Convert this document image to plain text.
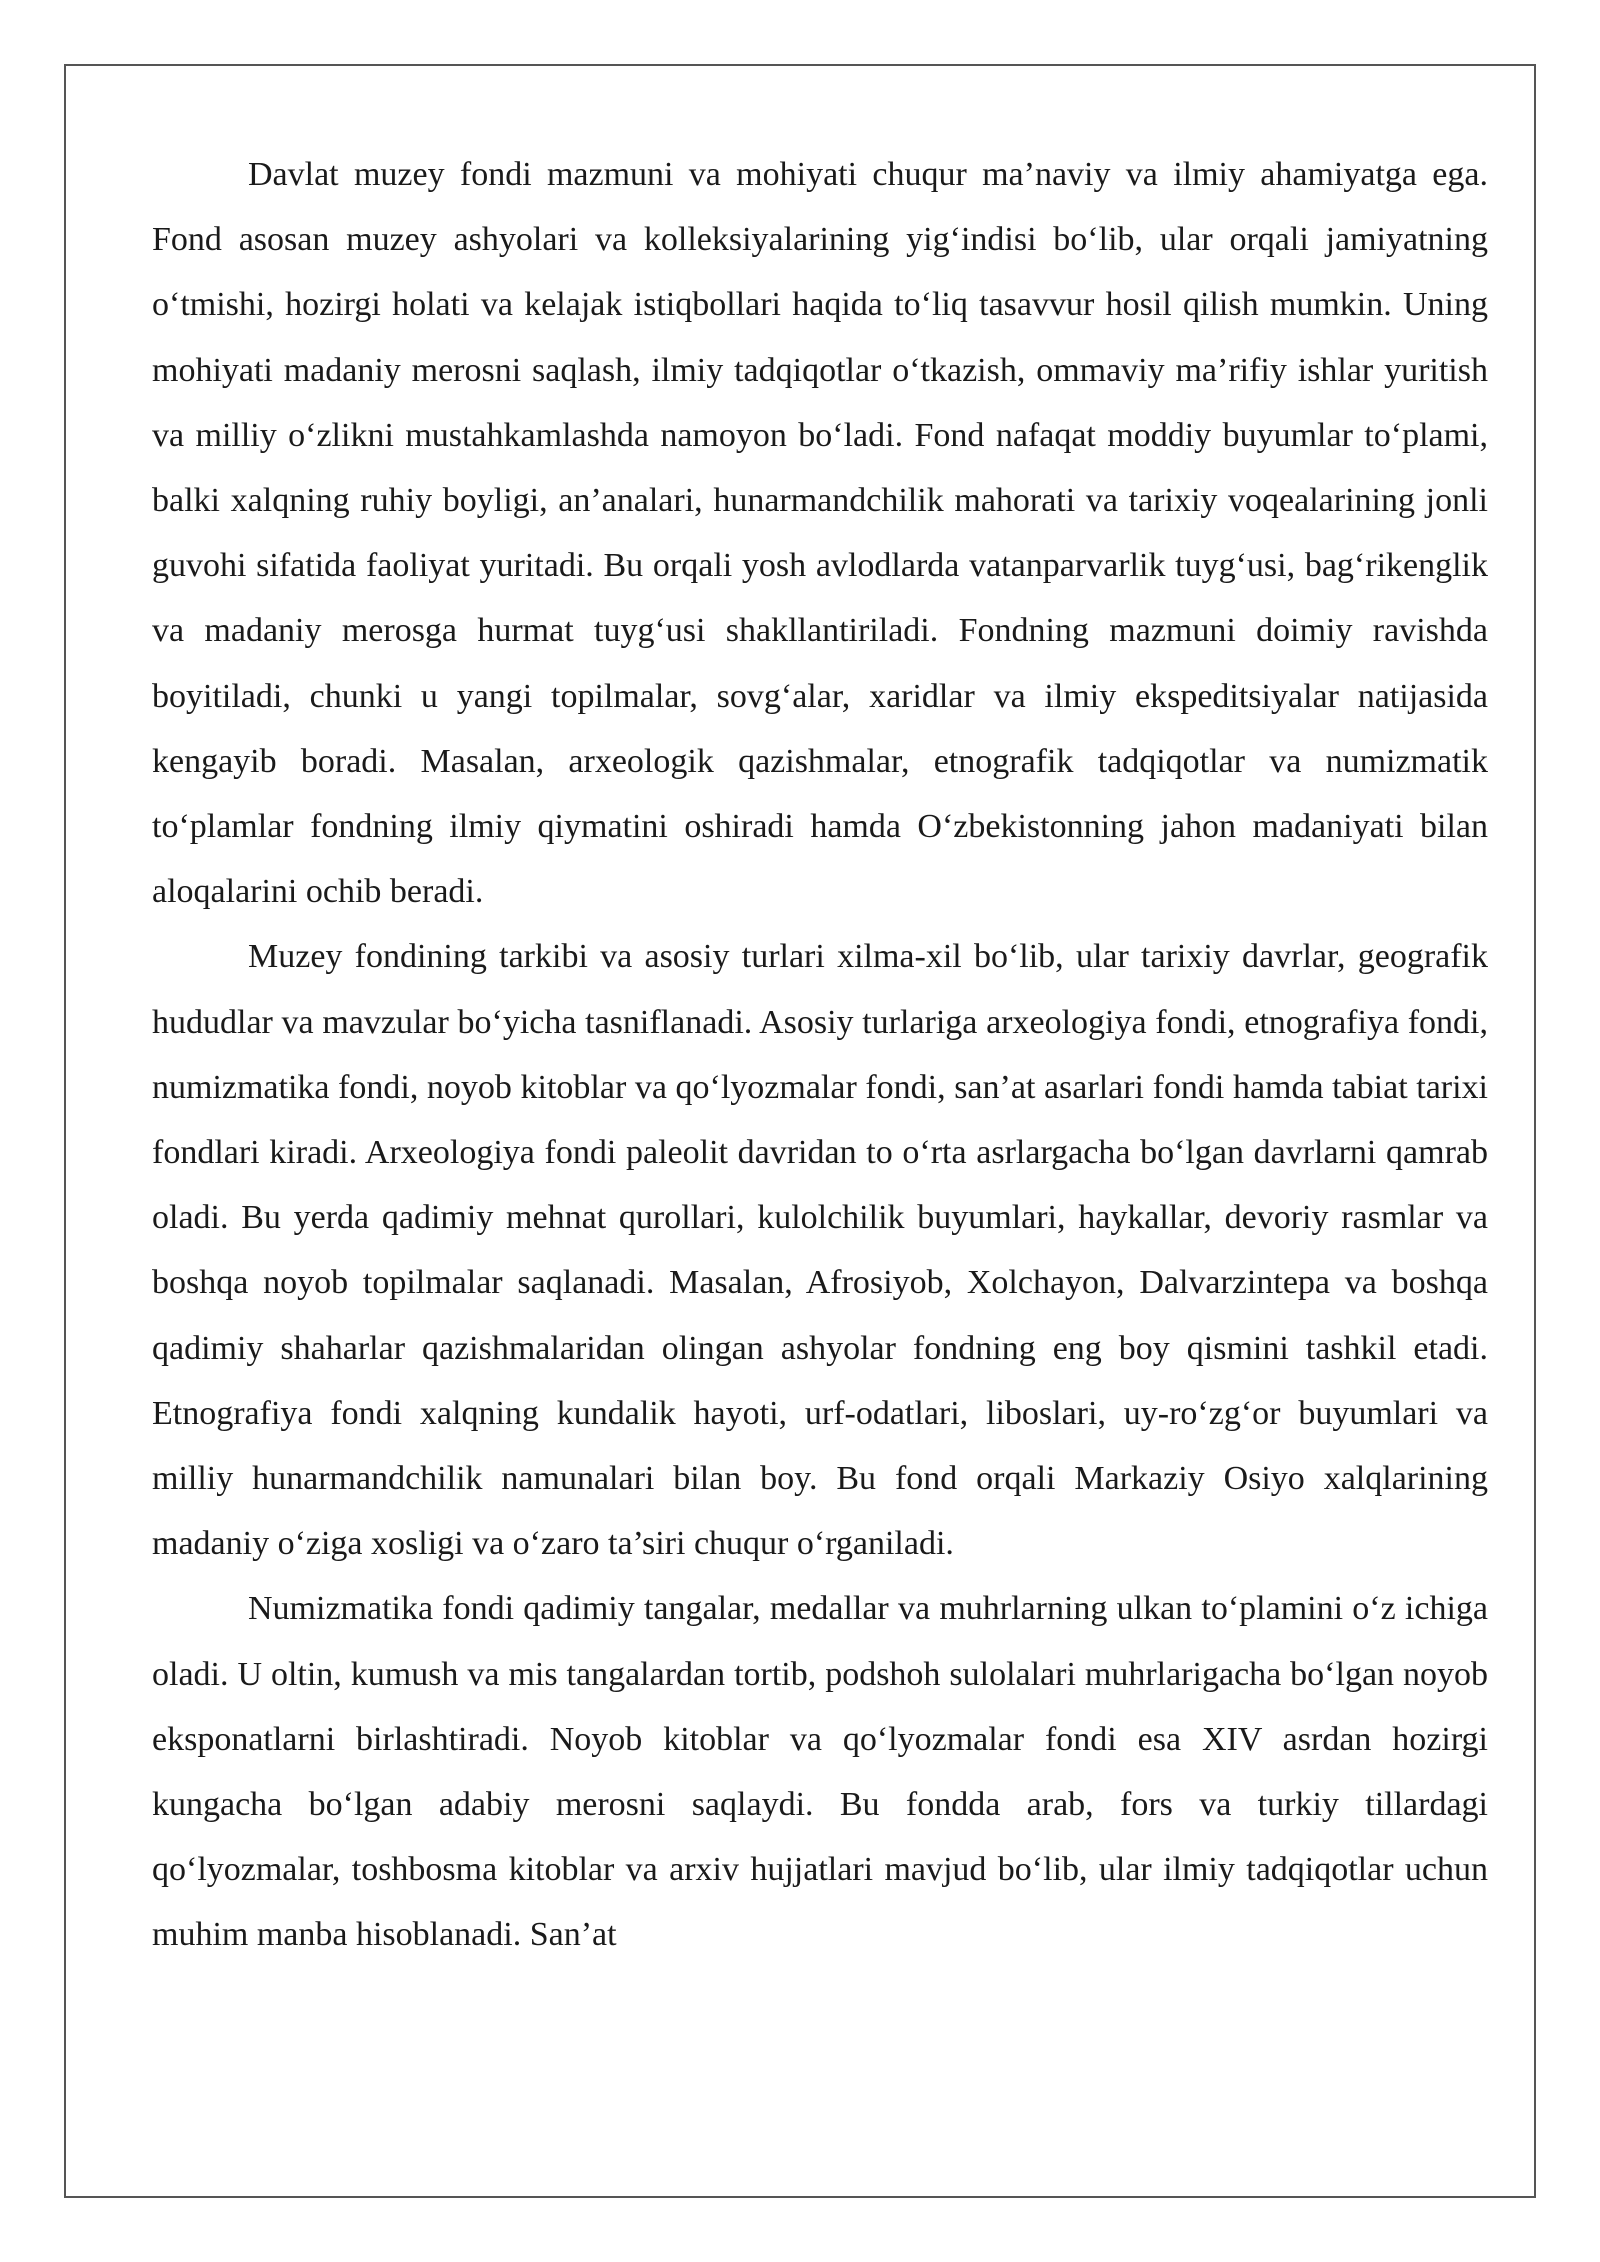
Davlat muzey fondi mazmuni va mohiyati chuqur ma’naviy va ilmiy ahamiyatga ega. Fond asosan muzey ashyolari va kolleksiyalarining yig‘indisi bo‘lib, ular orqali jamiyatning o‘tmishi, hozirgi holati va kelajak istiqbollari haqida to‘liq tasavvur hosil qilish mumkin. Uning mohiyati madaniy merosni saqlash, ilmiy tadqiqotlar o‘tkazish, ommaviy ma’rifiy ishlar yuritish va milliy o‘zlikni mustahkamlashda namoyon bo‘ladi. Fond nafaqat moddiy buyumlar to‘plami, balki xalqning ruhiy boyligi, an’analari, hunarmandchilik mahorati va tarixiy voqealarining jonli guvohi sifatida faoliyat yuritadi. Bu orqali yosh avlodlarda vatanparvarlik tuyg‘usi, bag‘rikenglik va madaniy merosga hurmat tuyg‘usi shakllantiriladi. Fondning mazmuni doimiy ravishda boyitiladi, chunki u yangi topilmalar, sovg‘alar, xaridlar va ilmiy ekspeditsiyalar natijasida kengayib boradi. Masalan, arxeologik qazishmalar, etnografik tadqiqotlar va numizmatik to‘plamlar fondning ilmiy qiymatini oshiradi hamda O‘zbekistonning jahon madaniyati bilan aloqalarini ochib beradi.

Muzey fondining tarkibi va asosiy turlari xilma-xil bo‘lib, ular tarixiy davrlar, geografik hududlar va mavzular bo‘yicha tasniflanadi. Asosiy turlariga arxeologiya fondi, etnografiya fondi, numizmatika fondi, noyob kitoblar va qo‘lyozmalar fondi, san’at asarlari fondi hamda tabiat tarixi fondlari kiradi. Arxeologiya fondi paleolit davridan to o‘rta asrlargacha bo‘lgan davrlarni qamrab oladi. Bu yerda qadimiy mehnat qurollari, kulolchilik buyumlari, haykallar, devoriy rasmlar va boshqa noyob topilmalar saqlanadi. Masalan, Afrosiyob, Xolchayon, Dalvarzintepa va boshqa qadimiy shaharlar qazishmalaridan olingan ashyolar fondning eng boy qismini tashkil etadi. Etnografiya fondi xalqning kundalik hayoti, urf-odatlari, liboslari, uy-ro‘zg‘or buyumlari va milliy hunarmandchilik namunalari bilan boy. Bu fond orqali Markaziy Osiyo xalqlarining madaniy o‘ziga xosligi va o‘zaro ta’siri chuqur o‘rganiladi.

Numizmatika fondi qadimiy tangalar, medallar va muhrlarning ulkan to‘plamini o‘z ichiga oladi. U oltin, kumush va mis tangalardan tortib, podshoh sulolalari muhrlarigacha bo‘lgan noyob eksponatlarni birlashtiradi. Noyob kitoblar va qo‘lyozmalar fondi esa XIV asrdan hozirgi kungacha bo‘lgan adabiy merosni saqlaydi. Bu fondda arab, fors va turkiy tillardagi qo‘lyozmalar, toshbosma kitoblar va arxiv hujjatlari mavjud bo‘lib, ular ilmiy tadqiqotlar uchun muhim manba hisoblanadi. San’at
